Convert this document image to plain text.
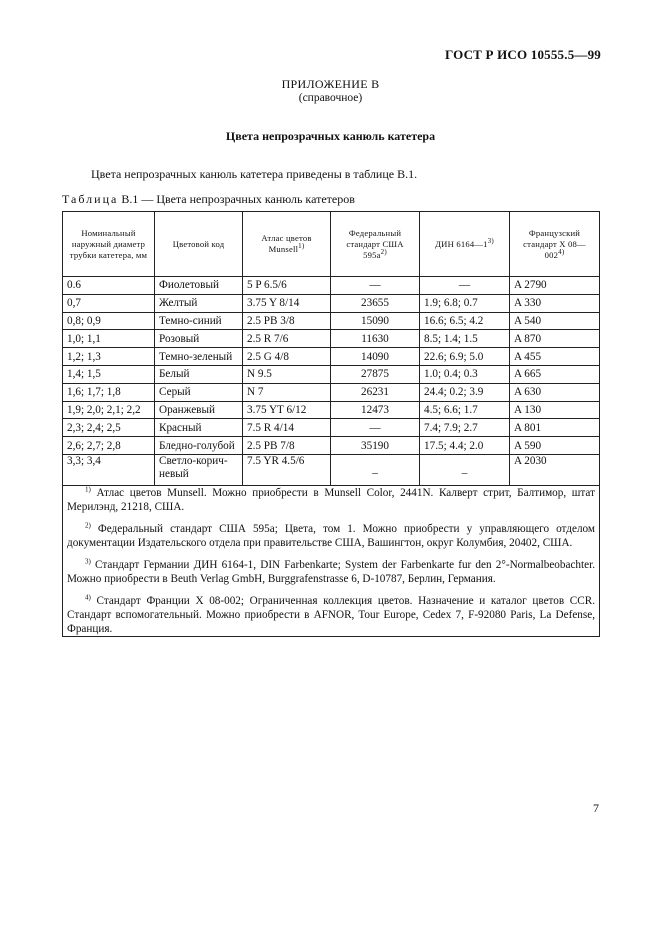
ГОСТ Р ИСО 10555.5—99
ПРИЛОЖЕНИЕ В
(справочное)
Цвета непрозрачных канюль катетера
Цвета непрозрачных канюль катетера приведены в таблице В.1.
Таблица В.1 — Цвета непрозрачных канюль катетеров
Номинальный наружный диаметр трубки катетера, мм	Цветовой код	Атлас цветов Munsell$^{1)}$	Федеральный стандарт США $595а^{2)}$	ДИН 6164—1$^{3)}$	Французский стандарт Х 08—002$^{4)}$
0.6	Фиолетовый	5 P 6.5/6	—	—	A 2790
0,7	Желтый	3.75 Y 8/14	23655	1.9; 6.8; 0.7	A 330
0,8; 0,9	Темно-синий	2.5 PB 3/8	15090	16.6; 6.5; 4.2	A 540
1,0; 1,1	Розовый	2.5 R 7/6	11630	8.5; 1.4; 1.5	A 870
1,2; 1,3	Темно-зеленый	2.5 G 4/8	14090	22.6; 6.9; 5.0	A 455
1,4; 1,5	Белый	N 9.5	27875	1.0; 0.4; 0.3	A 665
1,6; 1,7; 1,8	Серый	N 7	26231	24.4; 0.2; 3.9	A 630
1,9; 2,0; 2,1; 2,2	Оранжевый	3.75 YT 6/12	12473	4.5; 6.6; 1.7	A 130
2,3; 2,4; 2,5	Красный	7.5 R 4/14	—	7.4; 7.9; 2.7	A 801
2,6; 2,7; 2,8	Бледно-голубой	2.5 PB 7/8	35190	17.5; 4.4; 2.0	A 590
3,3; 3,4	Светло-корич-невый	7.5 YR 4.5/6	_	_	A 2030

$^{1)}$ Атлас цветов Munsell. Можно приобрести в Munsell Color, 2441N. Калверт стрит, Балтимор, штат Мерилэнд, 21218, США.

$^{2)}$ Федеральный стандарт США 595а; Цвета, том 1. Можно приобрести у управляющего отделом документации Издательского отдела при правительстве США, Вашингтон, округ Колумбия, 20402, США.

$^{3)}$ Стандарт Германии ДИН 6164-1, DIN Farbenkarte; System der Farbenkarte fur den 2°-Normalbeobachter. Можно приобрести в Beuth Verlag GmbH, Burggrafenstrasse 6, D-10787, Берлин, Германия.

$^{4)}$ Стандарт Франции Х 08-002; Ограниченная коллекция цветов. Назначение и каталог цветов CCR. Стандарт вспомогательный. Можно приобрести в AFNOR, Tour Europe, Cedex 7, F-92080 Paris, La Defense, Франция.					

7
